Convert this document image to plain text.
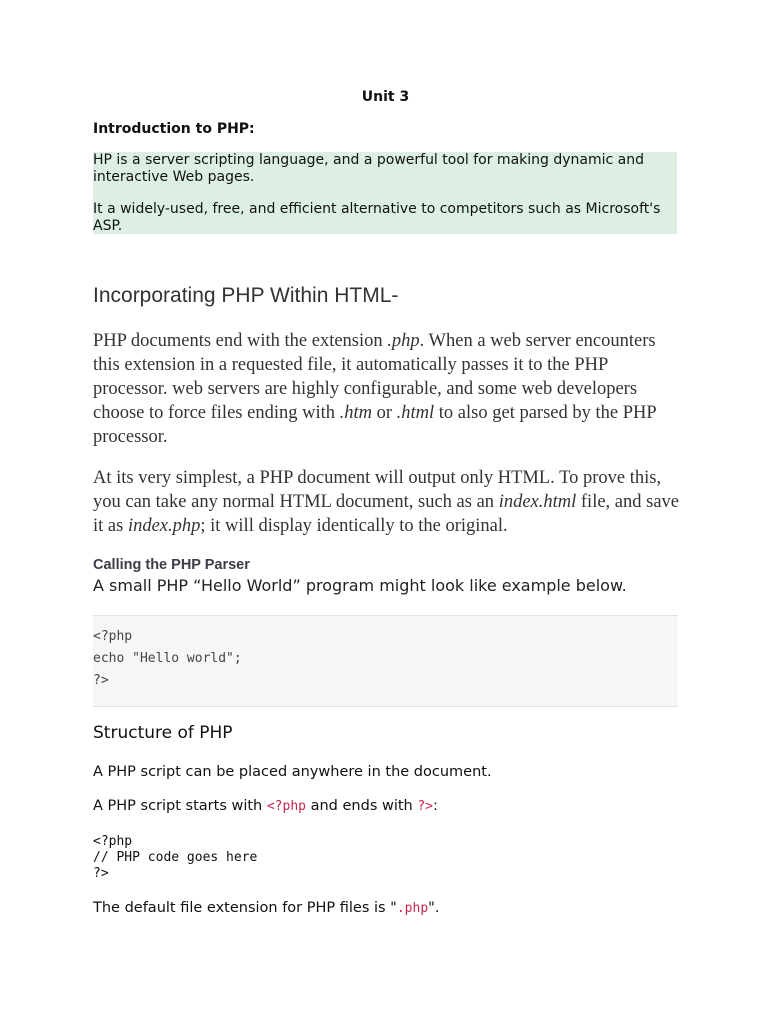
Unit 3
Introduction to PHP:

HP is a server scripting language, and a powerful tool for making dynamic and interactive Web pages.

It a widely-used, free, and efficient alternative to competitors such as Microsoft's ASP.

Incorporating PHP Within HTML-

PHP documents end with the extension .php. When a web server encounters this extension in a requested file, it automatically passes it to the PHP processor. web servers are highly configurable, and some web developers choose to force files ending with .htm or .html to also get parsed by the PHP processor.

At its very simplest, a PHP document will output only HTML. To prove this, you can take any normal HTML document, such as an index.html file, and save it as index.php; it will display identically to the original.

Calling the PHP Parser
A small PHP “Hello World” program might look like example below.
<?php
echo "Hello world";
?>
Structure of PHP
A PHP script can be placed anywhere in the document.
A PHP script starts with <?php and ends with ?>:
<?php
// PHP code goes here
?>
The default file extension for PHP files is ".php".
